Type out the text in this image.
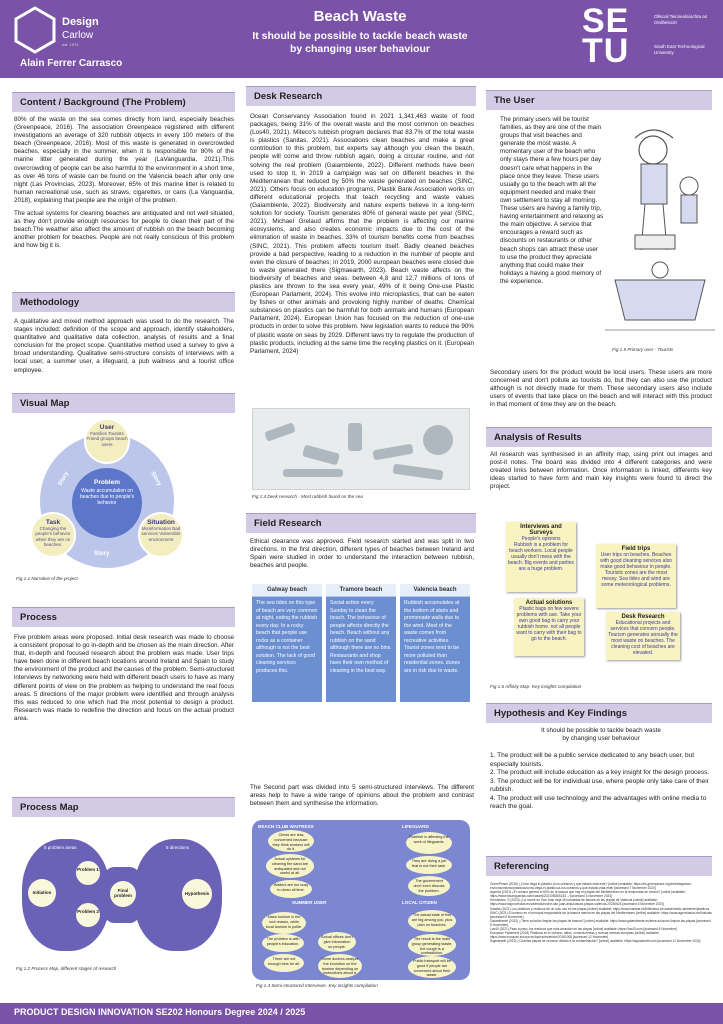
Design
Carlow
est. 1971
Alain Ferrer Carrasco
Beach Waste
It should be possible to tackle beach waste
by changing user behaviour
SE
TU
Ollscoil Teicneolaíochta an Oirdheiscirt
South East Technological University
Content / Background (The Problem)
80% of the waste on the sea comes directly from land, especially beaches (Greenpeace, 2016). The association Greenpeace registered with different investigations an average of 320 rubbish objects in every 100 meters of the beach (Greenpeace, 2016). Most of this waste is generated in overcrowded beaches, especially in the summer, when it is responsible for 80% of the marine litter generated during the year (LaVanguardia, 2021).This overcrowding of people can be also harmful to the environment in a short time, as over 46 tons of waste can be found on the Valencia beach after only one night (Las Provincias, 2023). Moreover, 65% of this marine litter is related to human recreational use, such as straws, cigarettes, or cans (La Vanguardia, 2018), explaining that people are the origin of the problem.
The actual systems for cleaning beaches are antiquated and not well situated, as they don't provide enough resources for people to clean their part of the beach.The weather also affect the amount of rubbish on the beach becoming another problem for beaches. People are not really conscious of this problem and how big it is.
Methodology
A qualitative and mixed method approach was used to do the research. The stages included: definition of the scope and approach, identify stakeholders, quantitative and qualitative data collection, analysis of results and a final conclusion for the project scope. Quantitative method used a survey to give a broad understanding. Qualitative semi-structure consists of interviews with a local user, a summer user, a lifeguard, a pub waitress and a tourist office employee.
Visual Map
Story	Story
Story
Problem
Waste accumulation on beaches due to people's behavior
User
Families Tourists Friend groups beach users
Task
Changing the people's behavior when they are on beaches.
Situation
Misinformation Bad services Vulnerable environment
Fig 1.1 Narrative of the project
Process
Five problem areas were proposed. Initial desk research was made to choose a consistent proposal to go in-depth and be chosen as the main direction. After that, in-depth and focused research about the problem was made. User trips have been done in different beach locations around Ireland and Spain to study the environment of the product and the causes of the problem. Semi-structured interviews by networking were held with different beach users to have as many different points of view on the problem as helping to understand the real focus areas. 5 directions of the major problem were identified and through analysis this was reduced to one which had the most potential to design a product. Research was made to redefine the direction and focus on the actual product area.
Process Map
5 problem areas	5 directions
Initiation
Problem 1
Problem 2
Final problem	Hypothesis
Fig 1.2 Process Map, different stages of research
Desk Research
Ocean Conservancy Association found in 2021 1,341,463 waste of food packages, being 31% of the overall waste and the most common on beaches (Los40, 2021). Miteco's rubbish program declares that 83.7% of the total waste is plastics (Sanitas, 2021). Associations clean beaches and make a great contribution to this problem, but experts say although you clean the beach, people will come and throw rubbish again, doing a circular routine, and not solving the real problem (Gaiambiente, 2022). Different methods have been used to stop it, in 2019 a campaign was set on different beaches in the Mediterranean that reduced by 50% the waste generated on beaches (SINC, 2021). Others focus on education programs, Plastik Bank Association works on different educational projects that teach recycling and waste values (Gaiambiente, 2022). Biodiversity and nature experts believe in a long-term solution for society. Tourism generates 80% of general waste per year (SINC, 2021). Michael Grelaud affirms that the problem is affecting our marine ecosystems, and also creates economic impacts due to the cost of the elimination of waste in beaches. 33% of tourism benefits come from beaches (SINC, 2021). This problem affects tourism itself. Badly cleaned beaches provide a bad perspective, leading to a reduction in the number of people and even the closure of beaches; in 2019, 2000 european beaches were closed due to waste generated there (Sigmaearth, 2023). Beach waste affects on the biodiversity of beaches and seas. between 4,8 and 12,7 millions of tons of plastics are thrown to the sea every year, 49% of it being One-use Plastic (European Parlament, 2024). This evolve into microplastics, that can be eaten by fishes or other animals and provoking highly number of deaths. Chemical substances on plastics can be harmfull for both animals and humans (European Parlament, 2024). European Union has focused on the reduction of one-use products in order to solve this problem. New legislation wants to reduce the 90% of plastic waste on seas by 2029. Different laws try to regulate the production of plastic products, including at the same time the recyling plastics on it. (European Parlament, 2024)
Fig 1.4 Desk research - Most rubbish found on the sea
Field Research
Ethical clearance was approved. Field research started and was split in two directions. In the first direction, different types of beaches between Ireland and Spain were studied in order to understand the interaction between rubbish, beaches and people.
Galway beach
The sea tides on this type of beach are very common at night, eating the rubbish every day. In a rocky beach that people use rocks as a container although is not the best solution. The lack of good cleaning services produces this.
Tramore beach
Social action every Sunday to clean the beach. The behaviour of people affects directly the beach. Beach without any rubbish on the sand although there are no bins. Restaurants and shop have their own method of cleaning in the best way.
Valencia beach
Rubbish accumulates at the bottom of stairs and promenade walls due to the wind. Most of the waste comes from recreative activities. Tourist zones tend to be more polluted than residential zones. dunes are in risk due to waste.
The Second part was divided into 5 semi-structured interviews. The different areas help to have a wide range of opinions about the problem and contrast between them and synthesise the information.
BEACH CLUB WAITRESS	LIFEGUARD
SUMMER USER	LOCAL CITIZEN
Chess are less concerned because they think workers will do it.
Actual systems for cleaning the sand are antiquated and not useful at all.
Waiters are too busy to clean all time.
Rubbish is affecting the work of lifeguards.
They are doing a job that is not their task.
The government don't even discuss the problem.
Mass tourism is the root reason, while local tourism is polite.
The problem is with people's education.
There are not enough bins for all.
Actual offices don't give information on people.
Some doctors analyze the evolution on the tourism depending on instructions about it.
The actual state of this are big among you, plus plan on beaches.
The result is the main group generating waste, the cough is a contradiction.
Public transport will be good if people are concerned about their waste.
Fig 1.4 Semi-structured Interviews- Key insights compilation
The User
The primary users will be tourist families, as they are one of the main groups that visit beaches and generate the most waste. A momentary user of the beach who only stays there a few hours per day doesn't care what happens in the place once they leave. These users usually go to the beach with all the equipment needed and make their own settlement to stay all morning. These users are having a family trip, having entertainment and relaxing as the main objective. A service that encourages a reward such as discounts on restaurants or other beach shops can attract these user to use the product they apreciate anything that could make their holidays a having a good memory of the experience.
Fig 1.5 Primary user - Tourists
Secondary users for the product would be local users. These users are more concerned and don't pollute as tourists do, but they can also use the product although is not directly made for them. These secondary users also include users of events that take place on the beach and will interact with this product in that moment of time they are on the beach.
Analysis of Results
All research was synthesised in an affinity map, using print out images and post-it notes. The board was divided into 4 different categories and were created links between information. Once information is linked, differents key ideas started to have form and main key insights were found to direct the project.
Interviews and Surveys
People's opinions
Rubbish is a problem for beach workers. Local people usually don't mess with the beach. Big events and parties are a huge problem.
Field trips
User trips on beaches. Beaches with good cleaning services also make good behaviour in people. Touristic zones are the most messy. Sea tides and wind are some meteorological problems.
Actual solutions
Plastic bags on few severe problems with use. Take your own good bag to carry your rubbish home. not all people want to carry with their bag to go to the beach.
Desk Research
Educational projects and services that concern people. Tourism generates annually the most waste on beaches. The cleaning cost of beaches are elevated.
Fig 1.6 Affinity Map- Key insights compilation
Hypothesis and Key Findings
It should be possible to tackle beach waste
by changing user behaviour
1. The product will be a public service dedicated to any beach user, but especially tourists.
2. The product will include education as a key insight for the design process.
3. The product will be for individual use, where people only take care of their rubbish.
4. The product will use technology and the advantages with online media to reach the goal.
Referencing
GreenPeace (2016) ¿Cómo llega el plástico a los océanos y que estado está este? [online] available: https://es.greenpeace.org/es/trabajamos-en/consumismo/plasticos/como-llega-el-plastico-a-los-oceanos-y-que-estado-esta-este/ [accessed 7 November 2024]
Agenda (2021) ¿El océano genera el 80% de la basura que hay en playas del Mediterráneo en la temporada de verano? [online] available: https://www.lavanguardia.com/natural/20210608/5233.../ [accessed 3 November 2024]
Hernandez, S (2023) ¿La noche de San Juan deja 46 toneladas de basura en las playas de Valencia [online] available: https://www.lasprovincias.es/valencia/noche-san-juan-deja-basura-playas-valencia-20230624 [accessed 6 November 2024]
Sanitas (2021) Los plásticos y residuos de un solo uso en las playas [online] available: https://www.sanitas.es/biblioteca-de-salud/medio-ambiente/plasticos
SINC (2021) El turismo en el principal responsable de la basura marina en las playas del Mediterráneo [online] available: https://www.agenciasinc.es/Noticias [accessed 6 November]
Gaiambiente (2022) ¿Tiene solución limpiar las playas de basura? [online] available: https://www.gaiambiente.es/tiene-solucion-limpiar-las-playas [accessed 6 November]
Los40 (2021) Paso a paso, los residuos que más abundan en las playas [online] available: https://los40.com [accessed 8 November]
European Parlament (2024) Plásticos en el océano: datos, consecuencias y nuevas normas europeas [online] available: https://www.europarl.europa.eu/topics/es/article/20181005 [accessed 12 November]
Sigmaearth (2023) ¿Cuántas playas se cerraron debido a la contaminación? [online] available: https://sigmaearth.com [accessed 11 November 2024]
PRODUCT DESIGN INNOVATION SE202 Honours Degree 2024 / 2025
